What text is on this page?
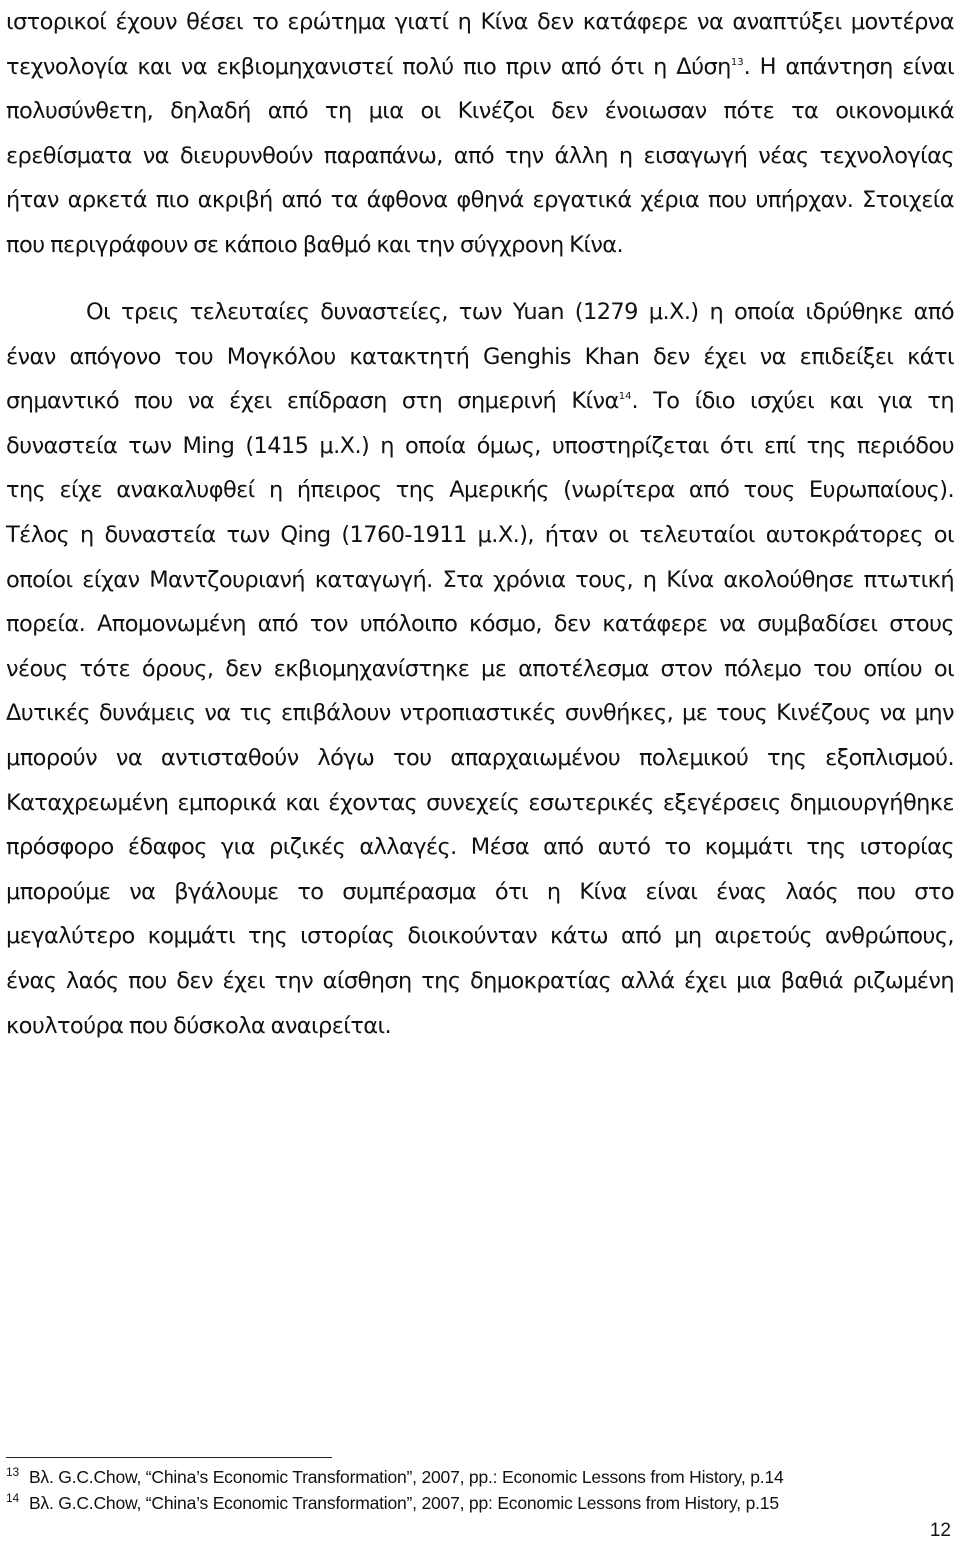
ιστορικοί έχουν θέσει το ερώτημα γιατί η Κίνα δεν κατάφερε να αναπτύξει μοντέρνα
τεχνολογία και να εκβιομηχανιστεί πολύ πιο πριν από ότι η Δύση$^{13}$. Η απάντηση είναι
πολυσύνθετη, δηλαδή από τη μια οι Κινέζοι δεν ένοιωσαν πότε τα οικονομικά
ερεθίσματα να διευρυνθούν παραπάνω, από την άλλη η εισαγωγή νέας τεχνολογίας
ήταν αρκετά πιο ακριβή από τα άφθονα φθηνά εργατικά χέρια που υπήρχαν. Στοιχεία
που περιγράφουν σε κάποιο βαθμό και την σύγχρονη Κίνα.
Οι τρεις τελευταίες δυναστείες, των Yuan (1279 μ.Χ.) η οποία ιδρύθηκε από
έναν απόγονο του Μογκόλου κατακτητή Genghis Khan δεν έχει να επιδείξει κάτι
σημαντικό που να έχει επίδραση στη σημερινή Κίνα$^{14}$. Το ίδιο ισχύει και για τη
δυναστεία των Ming (1415 μ.Χ.) η οποία όμως, υποστηρίζεται ότι επί της περιόδου
της είχε ανακαλυφθεί η ήπειρος της Αμερικής (νωρίτερα από τους Ευρωπαίους).
Τέλος η δυναστεία των Qing (1760-1911 μ.Χ.), ήταν οι τελευταίοι αυτοκράτορες οι
οποίοι είχαν Μαντζουριανή καταγωγή. Στα χρόνια τους, η Κίνα ακολούθησε πτωτική
πορεία. Απομονωμένη από τον υπόλοιπο κόσμο, δεν κατάφερε να συμβαδίσει στους
νέους τότε όρους, δεν εκβιομηχανίστηκε με αποτέλεσμα στον πόλεμο του οπίου οι
Δυτικές δυνάμεις να τις επιβάλουν ντροπιαστικές συνθήκες, με τους Κινέζους να μην
μπορούν να αντισταθούν λόγω του απαρχαιωμένου πολεμικού της εξοπλισμού.
Καταχρεωμένη εμπορικά και έχοντας συνεχείς εσωτερικές εξεγέρσεις δημιουργήθηκε
πρόσφορο έδαφος για ριζικές αλλαγές. Μέσα από αυτό το κομμάτι της ιστορίας
μπορούμε να βγάλουμε το συμπέρασμα ότι η Κίνα είναι ένας λαός που στο
μεγαλύτερο κομμάτι της ιστορίας διοικούνταν κάτω από μη αιρετούς ανθρώπους,
ένας λαός που δεν έχει την αίσθηση της δημοκρατίας αλλά έχει μια βαθιά ριζωμένη
κουλτούρα που δύσκολα αναιρείται.

$^{13}$ Βλ. G.C.Chow, “China’s Economic Transformation”, 2007, pp.: Economic Lessons from History, p.14

$^{14}$ Βλ. G.C.Chow, “China’s Economic Transformation”, 2007, pp: Economic Lessons from History, p.15

12
